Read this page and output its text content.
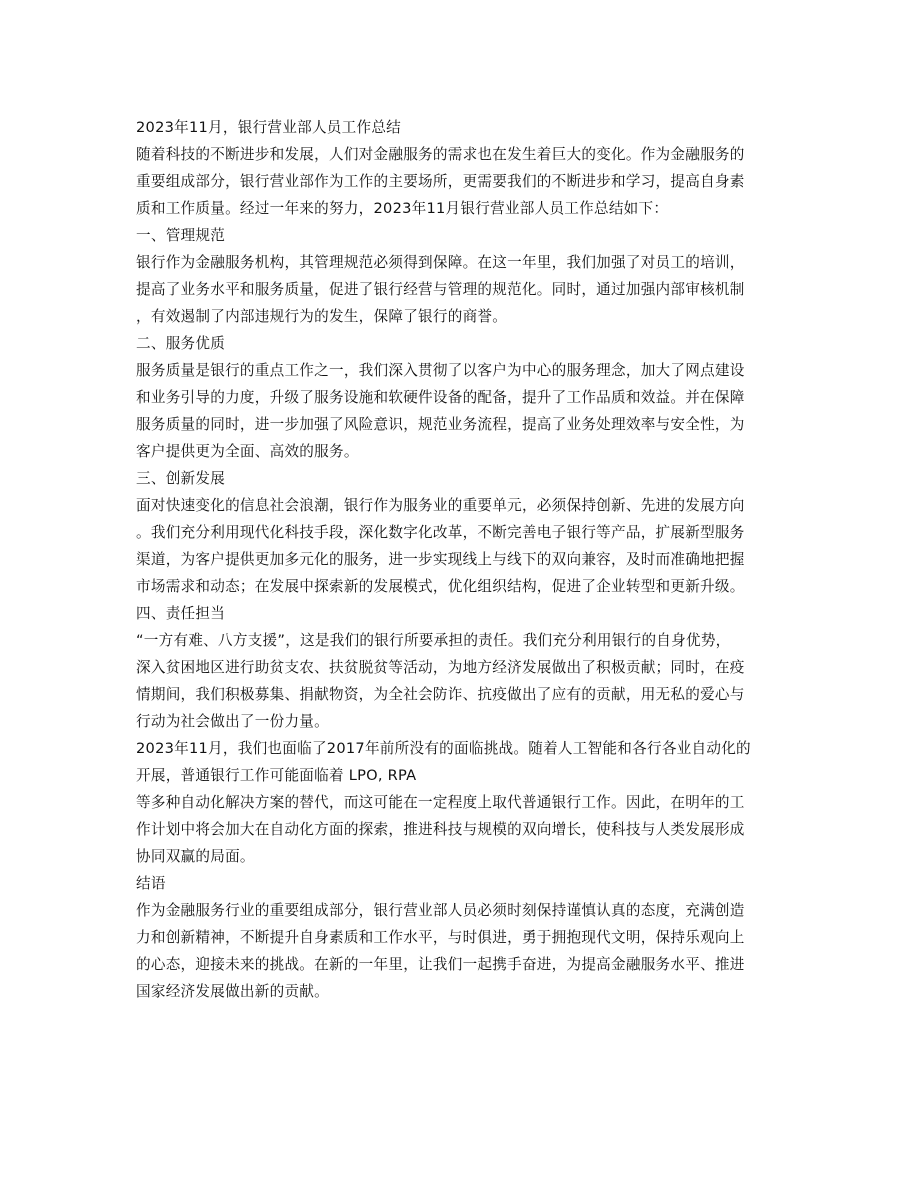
2023年11月，银行营业部人员工作总结
随着科技的不断进步和发展，人们对金融服务的需求也在发生着巨大的变化。作为金融服务的
重要组成部分，银行营业部作为工作的主要场所，更需要我们的不断进步和学习，提高自身素
质和工作质量。经过一年来的努力，2023年11月银行营业部人员工作总结如下：
一、管理规范
银行作为金融服务机构，其管理规范必须得到保障。在这一年里，我们加强了对员工的培训，
提高了业务水平和服务质量，促进了银行经营与管理的规范化。同时，通过加强内部审核机制
，有效遏制了内部违规行为的发生，保障了银行的商誉。
二、服务优质
服务质量是银行的重点工作之一，我们深入贯彻了以客户为中心的服务理念，加大了网点建设
和业务引导的力度，升级了服务设施和软硬件设备的配备，提升了工作品质和效益。并在保障
服务质量的同时，进一步加强了风险意识，规范业务流程，提高了业务处理效率与安全性，为
客户提供更为全面、高效的服务。
三、创新发展
面对快速变化的信息社会浪潮，银行作为服务业的重要单元，必须保持创新、先进的发展方向
。我们充分利用现代化科技手段，深化数字化改革，不断完善电子银行等产品，扩展新型服务
渠道，为客户提供更加多元化的服务，进一步实现线上与线下的双向兼容，及时而准确地把握
市场需求和动态；在发展中探索新的发展模式，优化组织结构，促进了企业转型和更新升级。
四、责任担当
“一方有难、八方支援”，这是我们的银行所要承担的责任。我们充分利用银行的自身优势，
深入贫困地区进行助贫支农、扶贫脱贫等活动，为地方经济发展做出了积极贡献；同时，在疫
情期间，我们积极募集、捐献物资，为全社会防诈、抗疫做出了应有的贡献，用无私的爱心与
行动为社会做出了一份力量。
2023年11月，我们也面临了2017年前所没有的面临挑战。随着人工智能和各行各业自动化的
开展，普通银行工作可能面临着 LPO, RPA
等多种自动化解决方案的替代，而这可能在一定程度上取代普通银行工作。因此，在明年的工
作计划中将会加大在自动化方面的探索，推进科技与规模的双向增长，使科技与人类发展形成
协同双赢的局面。
结语
作为金融服务行业的重要组成部分，银行营业部人员必须时刻保持谨慎认真的态度，充满创造
力和创新精神，不断提升自身素质和工作水平，与时俱进，勇于拥抱现代文明，保持乐观向上
的心态，迎接未来的挑战。在新的一年里，让我们一起携手奋进，为提高金融服务水平、推进
国家经济发展做出新的贡献。
